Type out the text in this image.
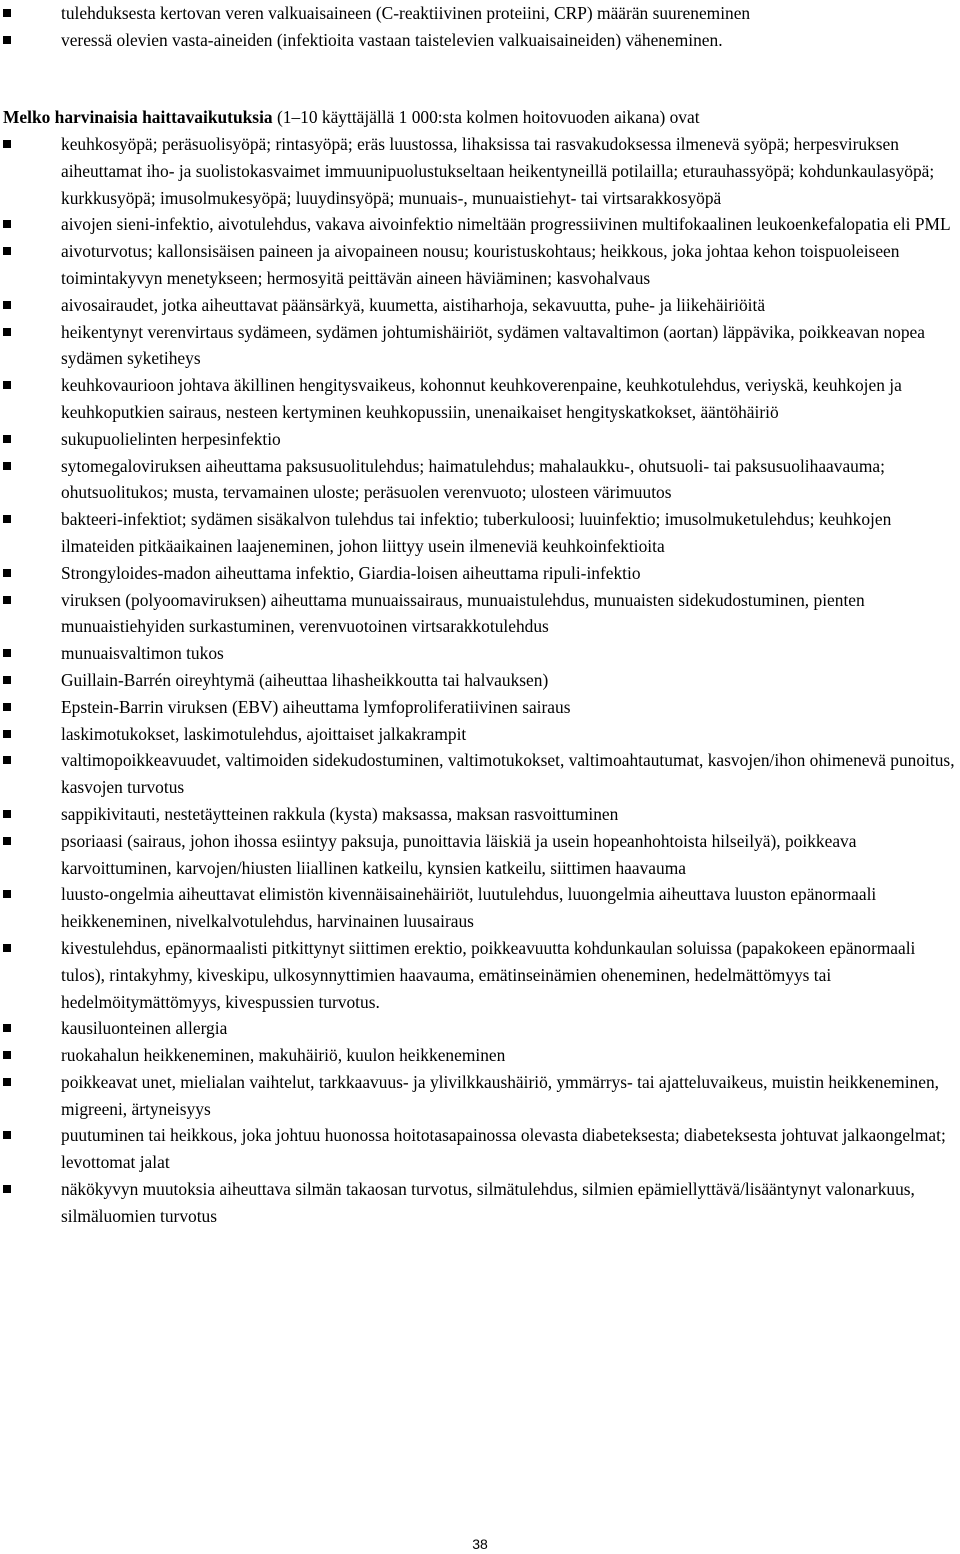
tulehduksesta kertovan veren valkuaisaineen (C-reaktiivinen proteiini, CRP) määrän suureneminen
veressä olevien vasta-aineiden (infektioita vastaan taistelevien valkuaisaineiden) väheneminen.

Melko harvinaisia haittavaikutuksia (1–10 käyttäjällä 1 000:sta kolmen hoitovuoden aikana) ovat

keuhkosyöpä; peräsuolisyöpä; rintasyöpä; eräs luustossa, lihaksissa tai rasvakudoksessa ilmenevä syöpä; herpesviruksen aiheuttamat iho- ja suolistokasvaimet immuunipuolustukseltaan heikentyneillä potilailla; eturauhassyöpä; kohdunkaulasyöpä; kurkkusyöpä; imusolmukesyöpä; luuydinsyöpä; munuais-, munuaistiehyt- tai virtsarakkosyöpä
aivojen sieni-infektio, aivotulehdus, vakava aivoinfektio nimeltään progressiivinen multifokaalinen leukoenkefalopatia eli PML
aivoturvotus; kallonsisäisen paineen ja aivopaineen nousu; kouristuskohtaus; heikkous, joka johtaa kehon toispuoleiseen toimintakyvyn menetykseen; hermosyitä peittävän aineen häviäminen; kasvohalvaus
aivosairaudet, jotka aiheuttavat päänsärkyä, kuumetta, aistiharhoja, sekavuutta, puhe- ja liikehäiriöitä
heikentynyt verenvirtaus sydämeen, sydämen johtumishäiriöt, sydämen valtavaltimon (aortan) läppävika, poikkeavan nopea sydämen syketiheys
keuhkovaurioon johtava äkillinen hengitysvaikeus, kohonnut keuhkoverenpaine, keuhkotulehdus, veriyskä, keuhkojen ja keuhkoputkien sairaus, nesteen kertyminen keuhkopussiin, unenaikaiset hengityskatkokset, ääntöhäiriö
sukupuolielinten herpesinfektio
sytomegaloviruksen aiheuttama paksusuolitulehdus; haimatulehdus; mahalaukku-, ohutsuoli- tai paksusuolihaavauma; ohutsuolitukos; musta, tervamainen uloste; peräsuolen verenvuoto; ulosteen värimuutos
bakteeri-infektiot; sydämen sisäkalvon tulehdus tai infektio; tuberkuloosi; luuinfektio; imusolmuketulehdus; keuhkojen ilmateiden pitkäaikainen laajeneminen, johon liittyy usein ilmeneviä keuhkoinfektioita
Strongyloides-madon aiheuttama infektio, Giardia-loisen aiheuttama ripuli-infektio
viruksen (polyoomaviruksen) aiheuttama munuaissairaus, munuaistulehdus, munuaisten sidekudostuminen, pienten munuaistiehyiden surkastuminen, verenvuotoinen virtsarakkotulehdus
munuaisvaltimon tukos
Guillain-Barrén oireyhtymä (aiheuttaa lihasheikkoutta tai halvauksen)
Epstein-Barrin viruksen (EBV) aiheuttama lymfoproliferatiivinen sairaus
laskimotukokset, laskimotulehdus, ajoittaiset jalkakrampit
valtimopoikkeavuudet, valtimoiden sidekudostuminen, valtimotukokset, valtimoahtautumat, kasvojen/ihon ohimenevä punoitus, kasvojen turvotus
sappikivitauti, nestetäytteinen rakkula (kysta) maksassa, maksan rasvoittuminen
psoriaasi (sairaus, johon ihossa esiintyy paksuja, punoittavia läiskiä ja usein hopeanhohtoista hilseilyä), poikkeava karvoittuminen, karvojen/hiusten liiallinen katkeilu, kynsien katkeilu, siittimen haavauma
luusto-ongelmia aiheuttavat elimistön kivennäisainehäiriöt, luutulehdus, luuongelmia aiheuttava luuston epänormaali heikkeneminen, nivelkalvotulehdus, harvinainen luusairaus
kivestulehdus, epänormaalisti pitkittynyt siittimen erektio, poikkeavuutta kohdunkaulan soluissa (papakokeen epänormaali tulos), rintakyhmy, kiveskipu, ulkosynnyttimien haavauma, emätinseinämien oheneminen, hedelmättömyys tai hedelmöitymättömyys, kivespussien turvotus.
kausiluonteinen allergia
ruokahalun heikkeneminen, makuhäiriö, kuulon heikkeneminen
poikkeavat unet, mielialan vaihtelut, tarkkaavuus- ja ylivilkkaushäiriö, ymmärrys- tai ajatteluvaikeus, muistin heikkeneminen, migreeni, ärtyneisyys
puutuminen tai heikkous, joka johtuu huonossa hoitotasapainossa olevasta diabeteksesta; diabeteksesta johtuvat jalkaongelmat; levottomat jalat
näkökyvyn muutoksia aiheuttava silmän takaosan turvotus, silmätulehdus, silmien epämiellyttävä/lisääntynyt valonarkuus, silmäluomien turvotus
38
